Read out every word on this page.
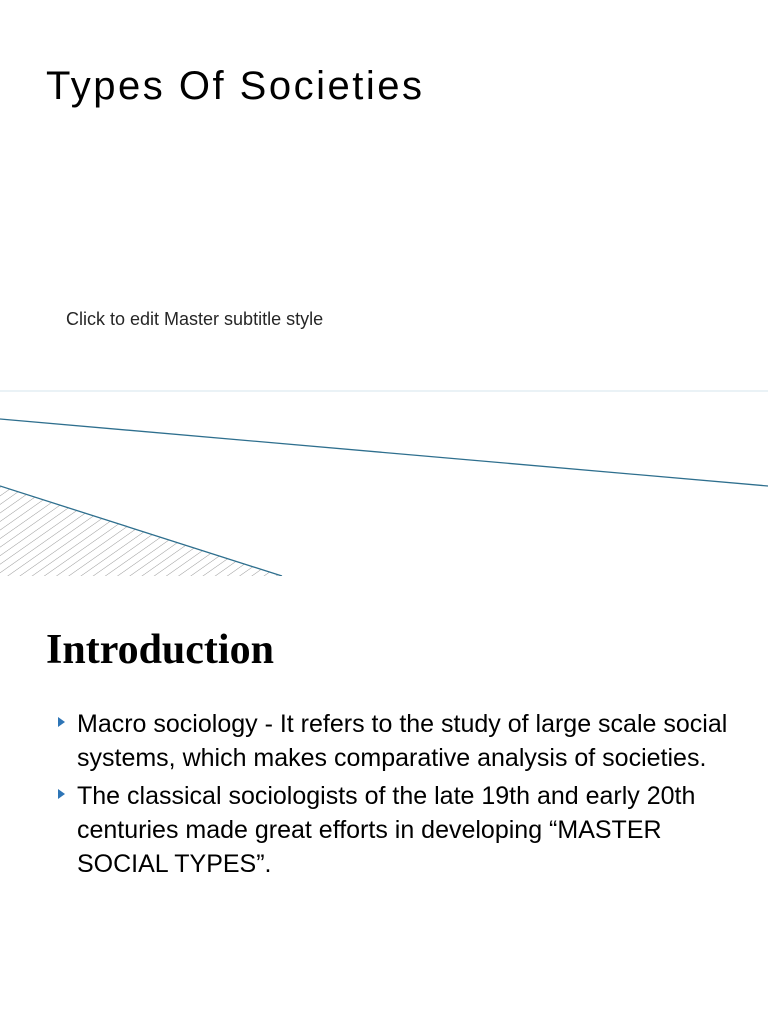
Types Of Societies

Click to edit Master subtitle style

Introduction
Macro sociology - It refers to the study of large scale social systems, which makes comparative analysis of societies.
The classical sociologists of the late 19th and early 20th centuries made great efforts in developing “MASTER SOCIAL TYPES”.
